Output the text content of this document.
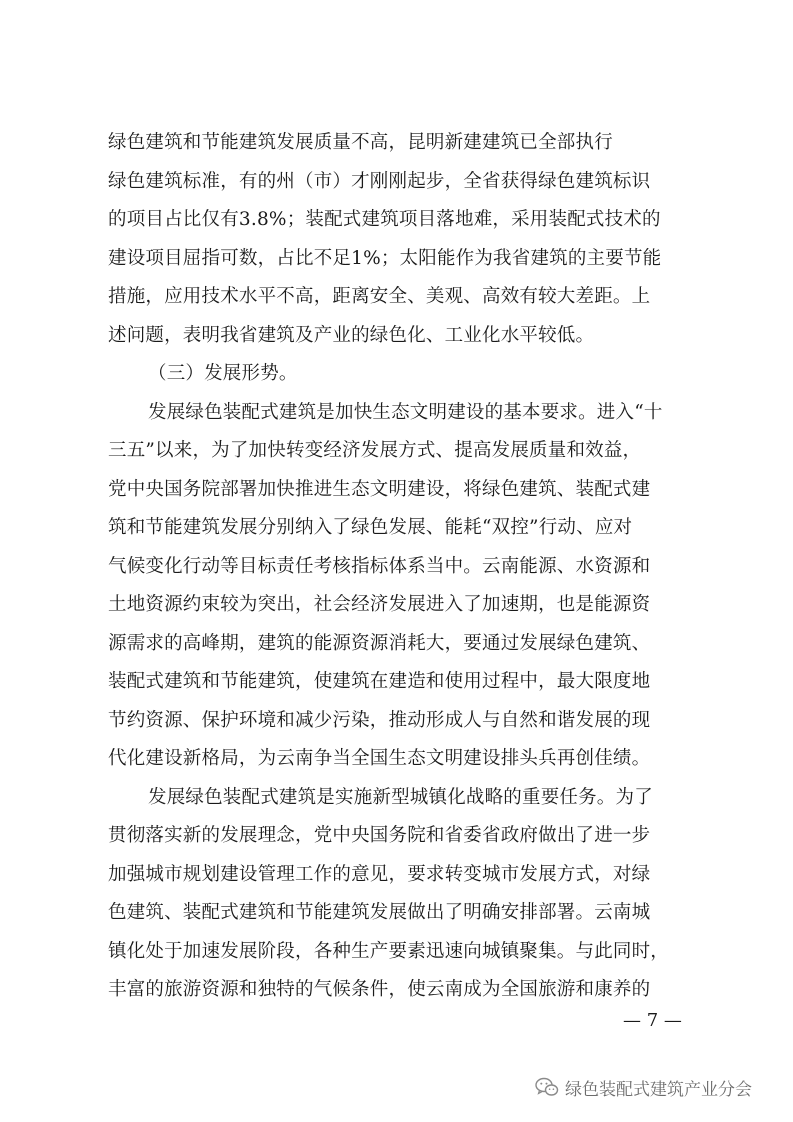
绿色建筑和节能建筑发展质量不高，昆明新建建筑已全部执行
绿色建筑标准，有的州（市）才刚刚起步，全省获得绿色建筑标识
的项目占比仅有3.8%；装配式建筑项目落地难，采用装配式技术的
建设项目屈指可数，占比不足1%；太阳能作为我省建筑的主要节能
措施，应用技术水平不高，距离安全、美观、高效有较大差距。上
述问题，表明我省建筑及产业的绿色化、工业化水平较低。
（三）发展形势。
发展绿色装配式建筑是加快生态文明建设的基本要求。进入“十
三五”以来，为了加快转变经济发展方式、提高发展质量和效益，
党中央国务院部署加快推进生态文明建设，将绿色建筑、装配式建
筑和节能建筑发展分别纳入了绿色发展、能耗“双控”行动、应对
气候变化行动等目标责任考核指标体系当中。云南能源、水资源和
土地资源约束较为突出，社会经济发展进入了加速期，也是能源资
源需求的高峰期，建筑的能源资源消耗大，要通过发展绿色建筑、
装配式建筑和节能建筑，使建筑在建造和使用过程中，最大限度地
节约资源、保护环境和减少污染，推动形成人与自然和谐发展的现
代化建设新格局，为云南争当全国生态文明建设排头兵再创佳绩。
发展绿色装配式建筑是实施新型城镇化战略的重要任务。为了
贯彻落实新的发展理念，党中央国务院和省委省政府做出了进一步
加强城市规划建设管理工作的意见，要求转变城市发展方式，对绿
色建筑、装配式建筑和节能建筑发展做出了明确安排部署。云南城
镇化处于加速发展阶段，各种生产要素迅速向城镇聚集。与此同时，
丰富的旅游资源和独特的气候条件，使云南成为全国旅游和康养的
— 7 —
绿色装配式建筑产业分会
